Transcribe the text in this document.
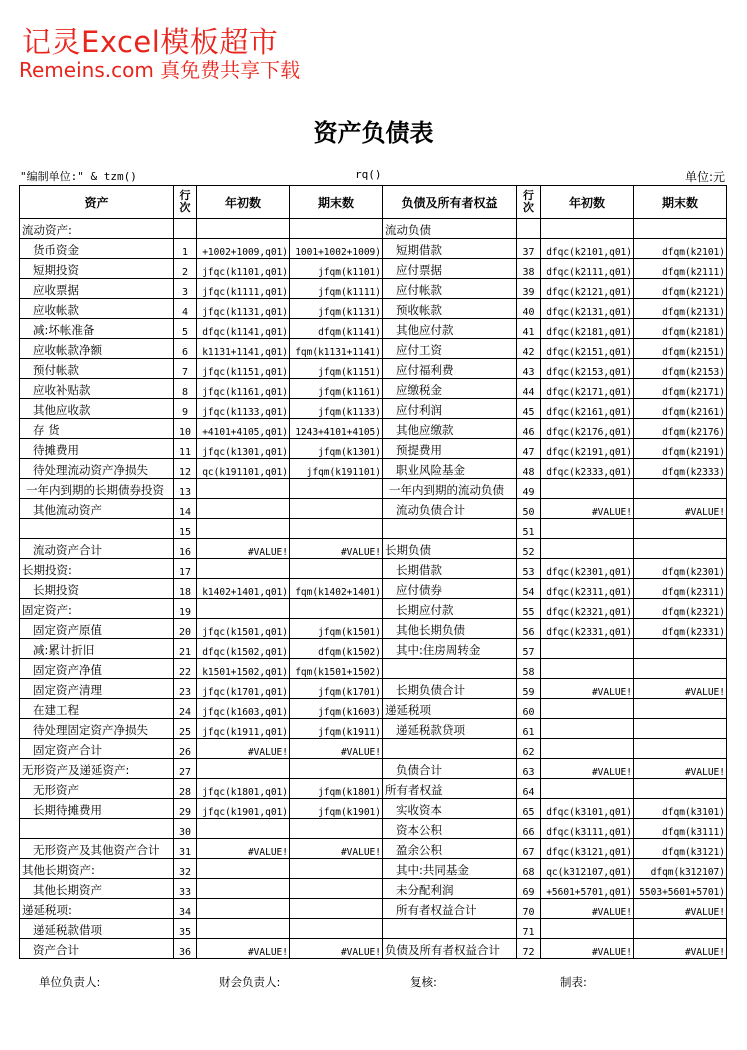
记灵Excel模板超市
Remeins.com 真免费共享下载
资产负债表
"编制单位:" & tzm()	rq()	单位:元
资产	行次	年初数	期末数	负债及所有者权益	行次	年初数	期末数
流动资产:				流动负债			
货币资金	1	+1002+1009,q01)	1001+1002+1009)	短期借款	37	dfqc(k2101,q01)	dfqm(k2101)
短期投资	2	jfqc(k1101,q01)	jfqm(k1101)	应付票据	38	dfqc(k2111,q01)	dfqm(k2111)
应收票据	3	jfqc(k1111,q01)	jfqm(k1111)	应付帐款	39	dfqc(k2121,q01)	dfqm(k2121)
应收帐款	4	jfqc(k1131,q01)	jfqm(k1131)	预收帐款	40	dfqc(k2131,q01)	dfqm(k2131)
减:坏帐准备	5	dfqc(k1141,q01)	dfqm(k1141)	其他应付款	41	dfqc(k2181,q01)	dfqm(k2181)
应收帐款净额	6	k1131+1141,q01)	fqm(k1131+1141)	应付工资	42	dfqc(k2151,q01)	dfqm(k2151)
预付帐款	7	jfqc(k1151,q01)	jfqm(k1151)	应付福利费	43	dfqc(k2153,q01)	dfqm(k2153)
应收补贴款	8	jfqc(k1161,q01)	jfqm(k1161)	应缴税金	44	dfqc(k2171,q01)	dfqm(k2171)
其他应收款	9	jfqc(k1133,q01)	jfqm(k1133)	应付利润	45	dfqc(k2161,q01)	dfqm(k2161)
存 货	10	+4101+4105,q01)	1243+4101+4105)	其他应缴款	46	dfqc(k2176,q01)	dfqm(k2176)
待摊费用	11	jfqc(k1301,q01)	jfqm(k1301)	预提费用	47	dfqc(k2191,q01)	dfqm(k2191)
待处理流动资产净损失	12	qc(k191101,q01)	jfqm(k191101)	职业风险基金	48	dfqc(k2333,q01)	dfqm(k2333)
一年内到期的长期债券投资	13			一年内到期的流动负债	49		
其他流动资产	14			流动负债合计	50	#VALUE!	#VALUE!
	15				51		
流动资产合计	16	#VALUE!	#VALUE!	长期负债	52		
长期投资:	17			长期借款	53	dfqc(k2301,q01)	dfqm(k2301)
长期投资	18	k1402+1401,q01)	fqm(k1402+1401)	应付债券	54	dfqc(k2311,q01)	dfqm(k2311)
固定资产:	19			长期应付款	55	dfqc(k2321,q01)	dfqm(k2321)
固定资产原值	20	jfqc(k1501,q01)	jfqm(k1501)	其他长期负债	56	dfqc(k2331,q01)	dfqm(k2331)
减:累计折旧	21	dfqc(k1502,q01)	dfqm(k1502)	其中:住房周转金	57		
固定资产净值	22	k1501+1502,q01)	fqm(k1501+1502)		58		
固定资产清理	23	jfqc(k1701,q01)	jfqm(k1701)	长期负债合计	59	#VALUE!	#VALUE!
在建工程	24	jfqc(k1603,q01)	jfqm(k1603)	递延税项	60		
待处理固定资产净损失	25	jfqc(k1911,q01)	jfqm(k1911)	递延税款贷项	61		
固定资产合计	26	#VALUE!	#VALUE!		62		
无形资产及递延资产:	27			负债合计	63	#VALUE!	#VALUE!
无形资产	28	jfqc(k1801,q01)	jfqm(k1801)	所有者权益	64		
长期待摊费用	29	jfqc(k1901,q01)	jfqm(k1901)	实收资本	65	dfqc(k3101,q01)	dfqm(k3101)
	30			资本公积	66	dfqc(k3111,q01)	dfqm(k3111)
无形资产及其他资产合计	31	#VALUE!	#VALUE!	盈余公积	67	dfqc(k3121,q01)	dfqm(k3121)
其他长期资产:	32			其中:共同基金	68	qc(k312107,q01)	dfqm(k312107)
其他长期资产	33			未分配利润	69	+5601+5701,q01)	5503+5601+5701)
递延税项:	34			所有者权益合计	70	#VALUE!	#VALUE!
递延税款借项	35				71		
资产合计	36	#VALUE!	#VALUE!	负债及所有者权益合计	72	#VALUE!	#VALUE!
单位负责人:	财会负责人:	复核:	制表:
